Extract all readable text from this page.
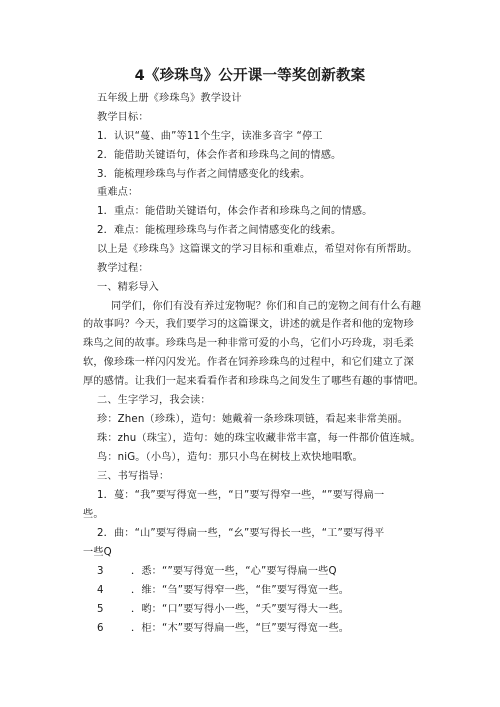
4《珍珠鸟》公开课一等奖创新教案
五年级上册《珍珠鸟》教学设计
教学目标：
1．认识“蔓、曲”等11个生字，读准多音字 “停工
2．能借助关键语句，体会作者和珍珠鸟之间的情感。
3．能梳理珍珠鸟与作者之间情感变化的线索。
重难点：
1．重点：能借助关键语句，体会作者和珍珠鸟之间的情感。
2．难点：能梳理珍珠鸟与作者之间情感变化的线索。
以上是《珍珠鸟》这篇课文的学习目标和重难点，希望对你有所帮助。
教学过程：
一、精彩导入
同学们，你们有没有养过宠物呢？你们和自己的宠物之间有什么有趣
的故事吗？今天，我们要学习的这篇课文，讲述的就是作者和他的宠物珍
珠鸟之间的故事。珍珠鸟是一种非常可爱的小鸟，它们小巧玲珑，羽毛柔
软，像珍珠一样闪闪发光。作者在饲养珍珠鸟的过程中，和它们建立了深
厚的感情。让我们一起来看看作者和珍珠鸟之间发生了哪些有趣的事情吧。
二、生字学习，我会读：
珍：Zhen（珍珠），造句：她戴着一条珍珠项链，看起来非常美丽。
珠：zhu（珠宝），造句：她的珠宝收藏非常丰富，每一件都价值连城。
鸟：niG。（小鸟），造句：那只小鸟在树枝上欢快地唱歌。
三、书写指导：
1．蔓：“我”要写得宽一些，“日”要写得窄一些，“”要写得扁一
些。
2．曲：“山”要写得扁一些，“幺”要写得长一些，“工”要写得平
一些Q
3	．悉：“”要写得宽一些，“心”要写得扁一些Q
4	．维：“刍”要写得窄一些，“隹”要写得宽一些。
5	．哟：“口”要写得小一些，“夭”要写得大一些。
6	．柜：“木”要写得扁一些，“巨”要写得宽一些。
